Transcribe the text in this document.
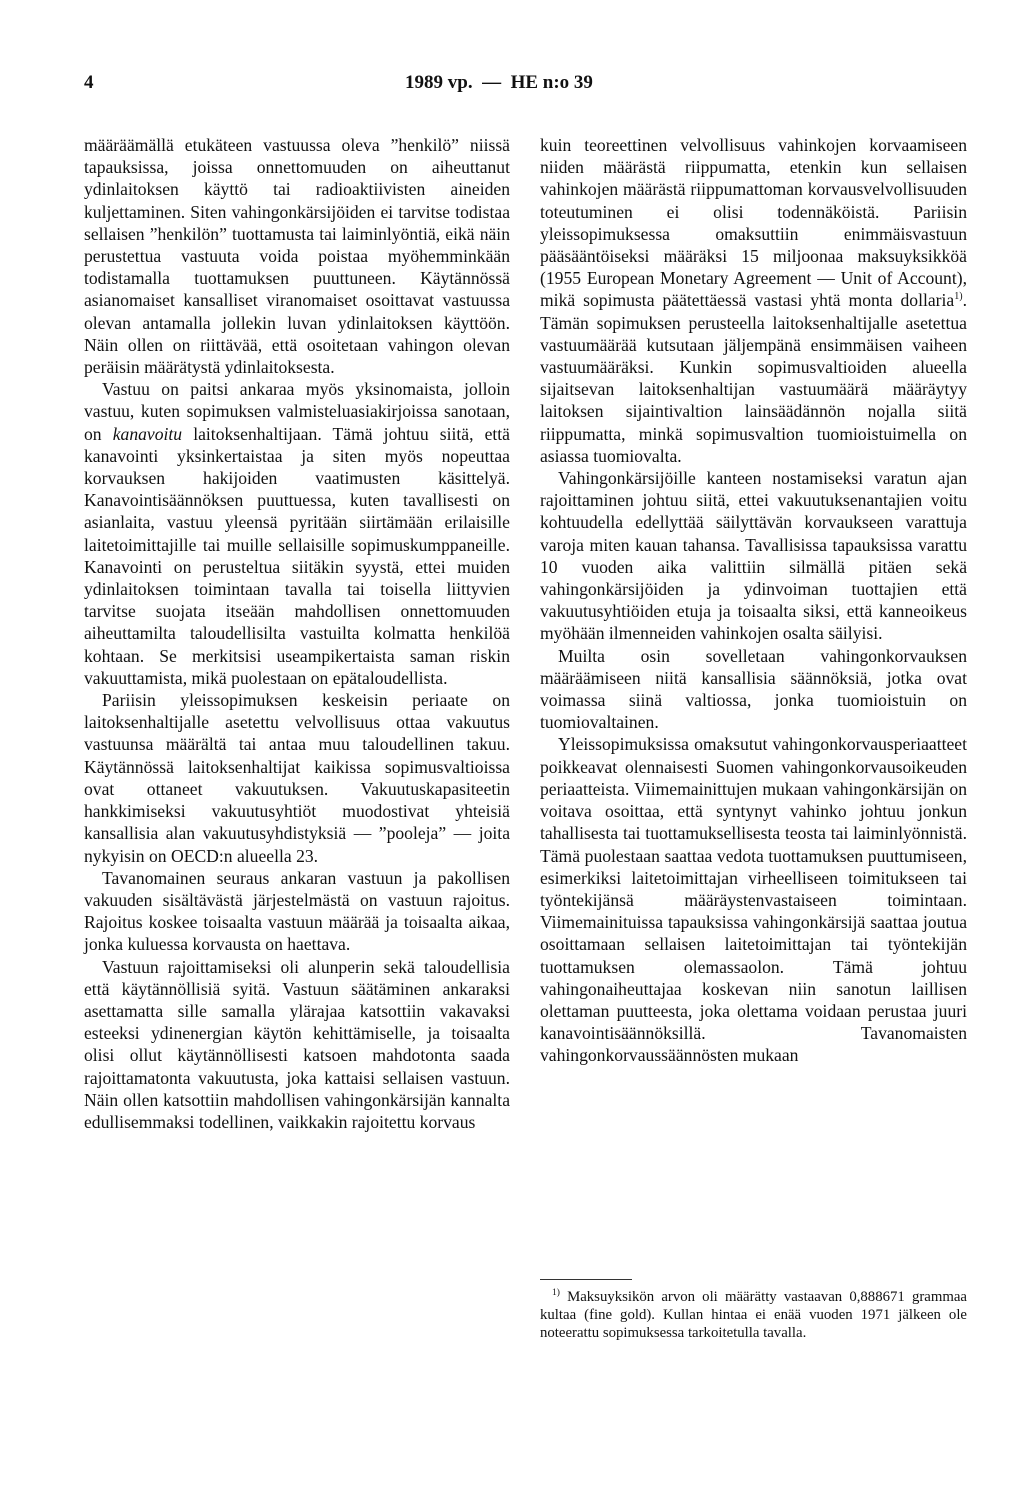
4	1989 vp.  —  HE n:o 39

määräämällä etukäteen vastuussa oleva ”henkilö” niissä tapauksissa, joissa onnettomuuden on aiheuttanut ydinlaitoksen käyttö tai radioaktiivisten aineiden kuljettaminen. Siten vahingonkärsijöiden ei tarvitse todistaa sellaisen ”henkilön” tuottamusta tai laiminlyöntiä, eikä näin perustettua vastuuta voida poistaa myöhemminkään todistamalla tuottamuksen puuttuneen. Käytännössä asianomaiset kansalliset viranomaiset osoittavat vastuussa olevan antamalla jollekin luvan ydinlaitoksen käyttöön. Näin ollen on riittävää, että osoitetaan vahingon olevan peräisin määrätystä ydinlaitoksesta.

Vastuu on paitsi ankaraa myös yksinomaista, jolloin vastuu, kuten sopimuksen valmisteluasiakirjoissa sanotaan, on kanavoitu laitoksenhaltijaan. Tämä johtuu siitä, että kanavointi yksinkertaistaa ja siten myös nopeuttaa korvauksen hakijoiden vaatimusten käsittelyä. Kanavointisäännöksen puuttuessa, kuten tavallisesti on asianlaita, vastuu yleensä pyritään siirtämään erilaisille laitetoimittajille tai muille sellaisille sopimuskumppaneille. Kanavointi on perusteltua siitäkin syystä, ettei muiden ydinlaitoksen toimintaan tavalla tai toisella liittyvien tarvitse suojata itseään mahdollisen onnettomuuden aiheuttamilta taloudellisilta vastuilta kolmatta henkilöä kohtaan. Se merkitsisi useampikertaista saman riskin vakuuttamista, mikä puolestaan on epätaloudellista.

Pariisin yleissopimuksen keskeisin periaate on laitoksenhaltijalle asetettu velvollisuus ottaa vakuutus vastuunsa määrältä tai antaa muu taloudellinen takuu. Käytännössä laitoksenhaltijat kaikissa sopimusvaltioissa ovat ottaneet vakuutuksen. Vakuutuskapasiteetin hankkimiseksi vakuutusyhtiöt muodostivat yhteisiä kansallisia alan vakuutusyhdistyksiä — ”pooleja” — joita nykyisin on OECD:n alueella 23.

Tavanomainen seuraus ankaran vastuun ja pakollisen vakuuden sisältävästä järjestelmästä on vastuun rajoitus. Rajoitus koskee toisaalta vastuun määrää ja toisaalta aikaa, jonka kuluessa korvausta on haettava.

Vastuun rajoittamiseksi oli alunperin sekä taloudellisia että käytännöllisiä syitä. Vastuun säätäminen ankaraksi asettamatta sille samalla ylärajaa katsottiin vakavaksi esteeksi ydinenergian käytön kehittämiselle, ja toisaalta olisi ollut käytännöllisesti katsoen mahdotonta saada rajoittamatonta vakuutusta, joka kattaisi sellaisen vastuun. Näin ollen katsottiin mahdollisen vahingonkärsijän kannalta edullisemmaksi todellinen, vaikkakin rajoitettu korvaus

kuin teoreettinen velvollisuus vahinkojen korvaamiseen niiden määrästä riippumatta, etenkin kun sellaisen vahinkojen määrästä riippumattoman korvausvelvollisuuden toteutuminen ei olisi todennäköistä. Pariisin yleissopimuksessa omaksuttiin enimmäisvastuun pääsääntöiseksi määräksi 15 miljoonaa maksuyksikköä (1955 European Monetary Agreement — Unit of Account), mikä sopimusta päätettäessä vastasi yhtä monta dollaria$^{1)}$. Tämän sopimuksen perusteella laitoksenhaltijalle asetettua vastuumäärää kutsutaan jäljempänä ensimmäisen vaiheen vastuumääräksi. Kunkin sopimusvaltioiden alueella sijaitsevan laitoksenhaltijan vastuumäärä määräytyy laitoksen sijaintivaltion lainsäädännön nojalla siitä riippumatta, minkä sopimusvaltion tuomioistuimella on asiassa tuomiovalta.

Vahingonkärsijöille kanteen nostamiseksi varatun ajan rajoittaminen johtuu siitä, ettei vakuutuksenantajien voitu kohtuudella edellyttää säilyttävän korvaukseen varattuja varoja miten kauan tahansa. Tavallisissa tapauksissa varattu 10 vuoden aika valittiin silmällä pitäen sekä vahingonkärsijöiden ja ydinvoiman tuottajien että vakuutusyhtiöiden etuja ja toisaalta siksi, että kanneoikeus myöhään ilmenneiden vahinkojen osalta säilyisi.

Muilta osin sovelletaan vahingonkorvauksen määräämiseen niitä kansallisia säännöksiä, jotka ovat voimassa siinä valtiossa, jonka tuomioistuin on tuomiovaltainen.

Yleissopimuksissa omaksutut vahingonkorvausperiaatteet poikkeavat olennaisesti Suomen vahingonkorvausoikeuden periaatteista. Viimemainittujen mukaan vahingonkärsijän on voitava osoittaa, että syntynyt vahinko johtuu jonkun tahallisesta tai tuottamuksellisesta teosta tai laiminlyönnistä. Tämä puolestaan saattaa vedota tuottamuksen puuttumiseen, esimerkiksi laitetoimittajan virheelliseen toimitukseen tai työntekijänsä määräystenvastaiseen toimintaan. Viimemainituissa tapauksissa vahingonkärsijä saattaa joutua osoittamaan sellaisen laitetoimittajan tai työntekijän tuottamuksen olemassaolon. Tämä johtuu vahingonaiheuttajaa koskevan niin sanotun laillisen olettaman puutteesta, joka olettama voidaan perustaa juuri kanavointisäännöksillä. Tavanomaisten vahingonkorvaussäännösten mukaan

$^{1)}$ Maksuyksikön arvon oli määrätty vastaavan 0,888671 grammaa kultaa (fine gold). Kullan hintaa ei enää vuoden 1971 jälkeen ole noteerattu sopimuksessa tarkoitetulla tavalla.
